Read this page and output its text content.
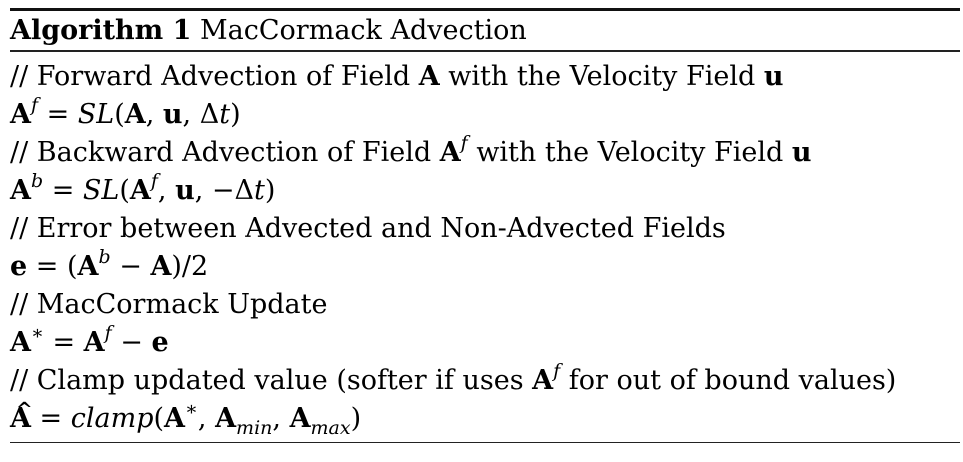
Algorithm 1 MacCormack Advection
// Forward Advection of Field A with the Velocity Field u
$A^f = SL(A$, u, Δt)
// Backward Advection of Field $A^f$ with the Velocity Field u
$A^b = SL(A^f$, u, −Δt)
// Error between Advected and Non-Advected Fields
$e = (A^b - A)/2$
// MacCormack Update
$A^∗ = A^f - e$
// Clamp updated value (softer if uses $A^f$ for out of bound values)
^ A = clamp(A∗, $A_{min}$, $A_{max}$)
